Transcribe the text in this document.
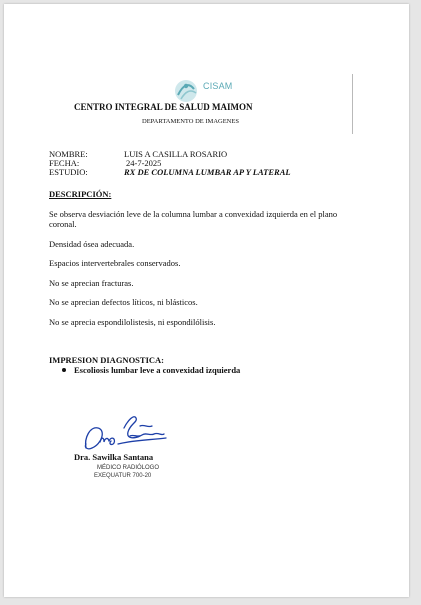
CISAM
CENTRO INTEGRAL DE SALUD MAIMON
DEPARTAMENTO DE IMAGENES
NOMBRE:	LUIS A CASILLA ROSARIO
FECHA:	24-7-2025
ESTUDIO:	RX DE COLUMNA LUMBAR AP Y LATERAL
DESCRIPCIÓN:

Se observa desviación leve de la columna lumbar a convexidad izquierda en el plano coronal.

Densidad ósea adecuada.

Espacios intervertebrales conservados.

No se aprecian fracturas.

No se aprecian defectos líticos, ni blásticos.

No se aprecia espondilolistesis, ni espondilólisis.

IMPRESION DIAGNOSTICA:
Escoliosis lumbar leve a convexidad izquierda
Dra. Sawilka Santana
MÉDICO RADIÓLOGO
EXEQUATUR 700-20
